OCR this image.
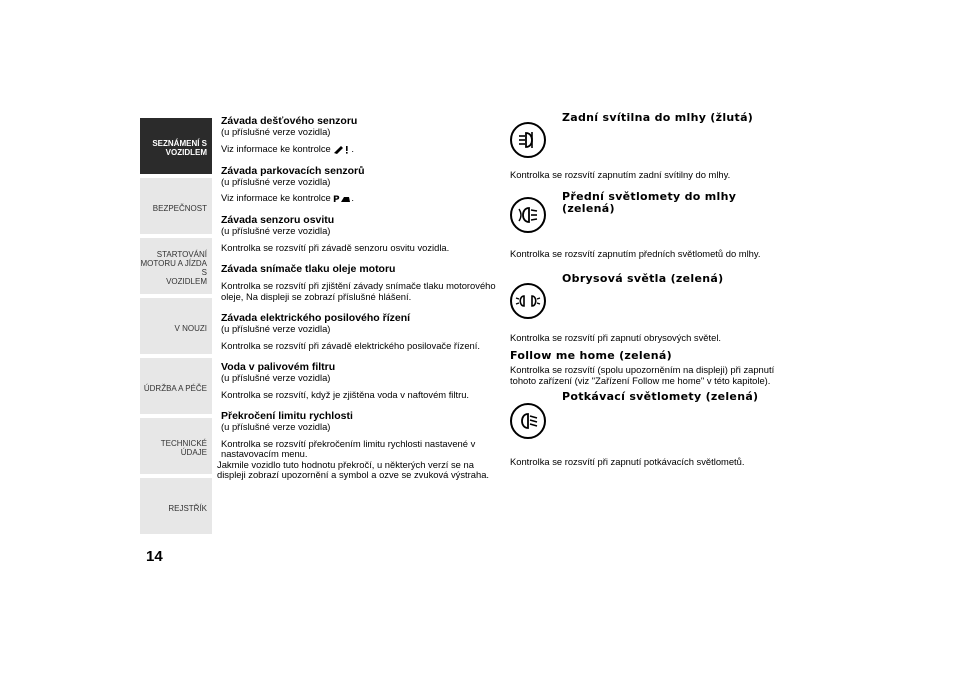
SEZNÁMENÍ S
VOZIDLEM
BEZPEČNOST
STARTOVÁNÍ
MOTORU A JÍZDA S
VOZIDLEM
V NOUZI
ÚDRŽBA A PÉČE
TECHNICKÉ ÚDAJE
REJSTŘÍK
14
Závada dešťového senzoru

(u příslušné verze vozidla)

Viz informace ke kontrolce .

Závada parkovacích senzorů

(u příslušné verze vozidla)

Viz informace ke kontrolce P .

Závada senzoru osvitu

(u příslušné verze vozidla)

Kontrolka se rozsvítí při závadě senzoru osvitu vozidla.

Závada snímače tlaku oleje motoru

Kontrolka se rozsvítí při zjištění závady snímače tlaku motorového oleje, Na displeji se zobrazí příslušné hlášení.

Závada elektrického posilového řízení

(u příslušné verze vozidla)

Kontrolka se rozsvítí při závadě elektrického posilovače řízení.

Voda v palivovém filtru

(u příslušné verze vozidla)

Kontrolka se rozsvítí, když je zjištěna voda v naftovém filtru.

Překročení limitu rychlosti

(u příslušné verze vozidla)

Kontrolka se rozsvítí překročením limitu rychlosti nastavené v nastavovacím menu.

Jakmile vozidlo tuto hodnotu překročí, u některých verzí se na displeji zobrazí upozornění a symbol a ozve se zvuková výstraha.

Zadní svítilna do mlhy (žlutá)

Kontrolka se rozsvítí zapnutím zadní svítilny do mlhy.

Přední světlomety do mlhy (zelená)

Kontrolka se rozsvítí zapnutím předních světlometů do mlhy.

Obrysová světla (zelená)

Kontrolka se rozsvítí při zapnutí obrysových světel.

Follow me home (zelená)

Kontrolka se rozsvítí (spolu upozorněním na displeji) při zapnutí tohoto zařízení (viz "Zařízení Follow me home" v této kapitole).

Potkávací světlomety (zelená)

Kontrolka se rozsvítí při zapnutí potkávacích světlometů.
